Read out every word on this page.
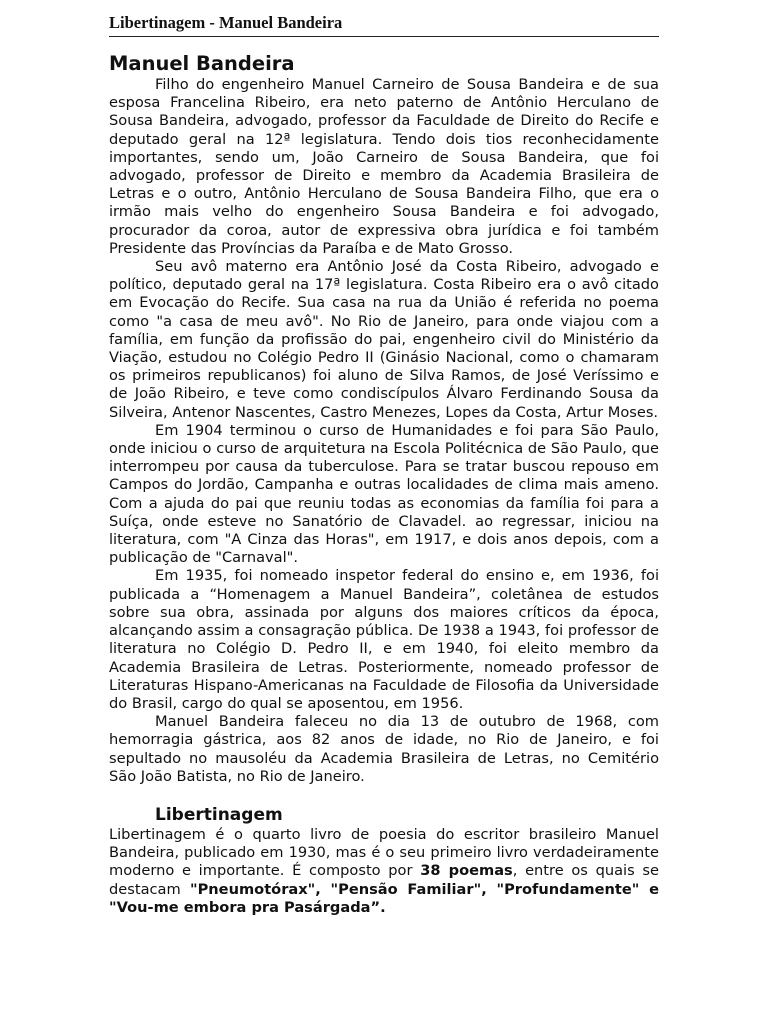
Libertinagem - Manuel Bandeira
Manuel Bandeira

Filho do engenheiro Manuel Carneiro de Sousa Bandeira e de sua esposa Francelina Ribeiro, era neto paterno de Antônio Herculano de Sousa Bandeira, advogado, professor da Faculdade de Direito do Recife e deputado geral na 12ª legislatura. Tendo dois tios reconhecidamente importantes, sendo um, João Carneiro de Sousa Bandeira, que foi advogado, professor de Direito e membro da Academia Brasileira de Letras e o outro, Antônio Herculano de Sousa Bandeira Filho, que era o irmão mais velho do engenheiro Sousa Bandeira e foi advogado, procurador da coroa, autor de expressiva obra jurídica e foi também Presidente das Províncias da Paraíba e de Mato Grosso.

Seu avô materno era Antônio José da Costa Ribeiro, advogado e político, deputado geral na 17ª legislatura. Costa Ribeiro era o avô citado em Evocação do Recife. Sua casa na rua da União é referida no poema como "a casa de meu avô". No Rio de Janeiro, para onde viajou com a família, em função da profissão do pai, engenheiro civil do Ministério da Viação, estudou no Colégio Pedro II (Ginásio Nacional, como o chamaram os primeiros republicanos) foi aluno de Silva Ramos, de José Veríssimo e de João Ribeiro, e teve como condiscípulos Álvaro Ferdinando Sousa da Silveira, Antenor Nascentes, Castro Menezes, Lopes da Costa, Artur Moses.

Em 1904 terminou o curso de Humanidades e foi para São Paulo, onde iniciou o curso de arquitetura na Escola Politécnica de São Paulo, que interrompeu por causa da tuberculose. Para se tratar buscou repouso em Campos do Jordão, Campanha e outras localidades de clima mais ameno. Com a ajuda do pai que reuniu todas as economias da família foi para a Suíça, onde esteve no Sanatório de Clavadel. ao regressar, iniciou na literatura, com "A Cinza das Horas", em 1917, e dois anos depois, com a publicação de "Carnaval".

Em 1935, foi nomeado inspetor federal do ensino e, em 1936, foi publicada a “Homenagem a Manuel Bandeira”, coletânea de estudos sobre sua obra, assinada por alguns dos maiores críticos da época, alcançando assim a consagração pública. De 1938 a 1943, foi professor de literatura no Colégio D. Pedro II, e em 1940, foi eleito membro da Academia Brasileira de Letras. Posteriormente, nomeado professor de Literaturas Hispano-Americanas na Faculdade de Filosofia da Universidade do Brasil, cargo do qual se aposentou, em 1956.

Manuel Bandeira faleceu no dia 13 de outubro de 1968, com hemorragia gástrica, aos 82 anos de idade, no Rio de Janeiro, e foi sepultado no mausoléu da Academia Brasileira de Letras, no Cemitério São João Batista, no Rio de Janeiro.

Libertinagem

Libertinagem é o quarto livro de poesia do escritor brasileiro Manuel Bandeira, publicado em 1930, mas é o seu primeiro livro verdadeiramente moderno e importante. É composto por 38 poemas, entre os quais se destacam "Pneumotórax", "Pensão Familiar", "Profundamente" e "Vou-me embora pra Pasárgada”.
